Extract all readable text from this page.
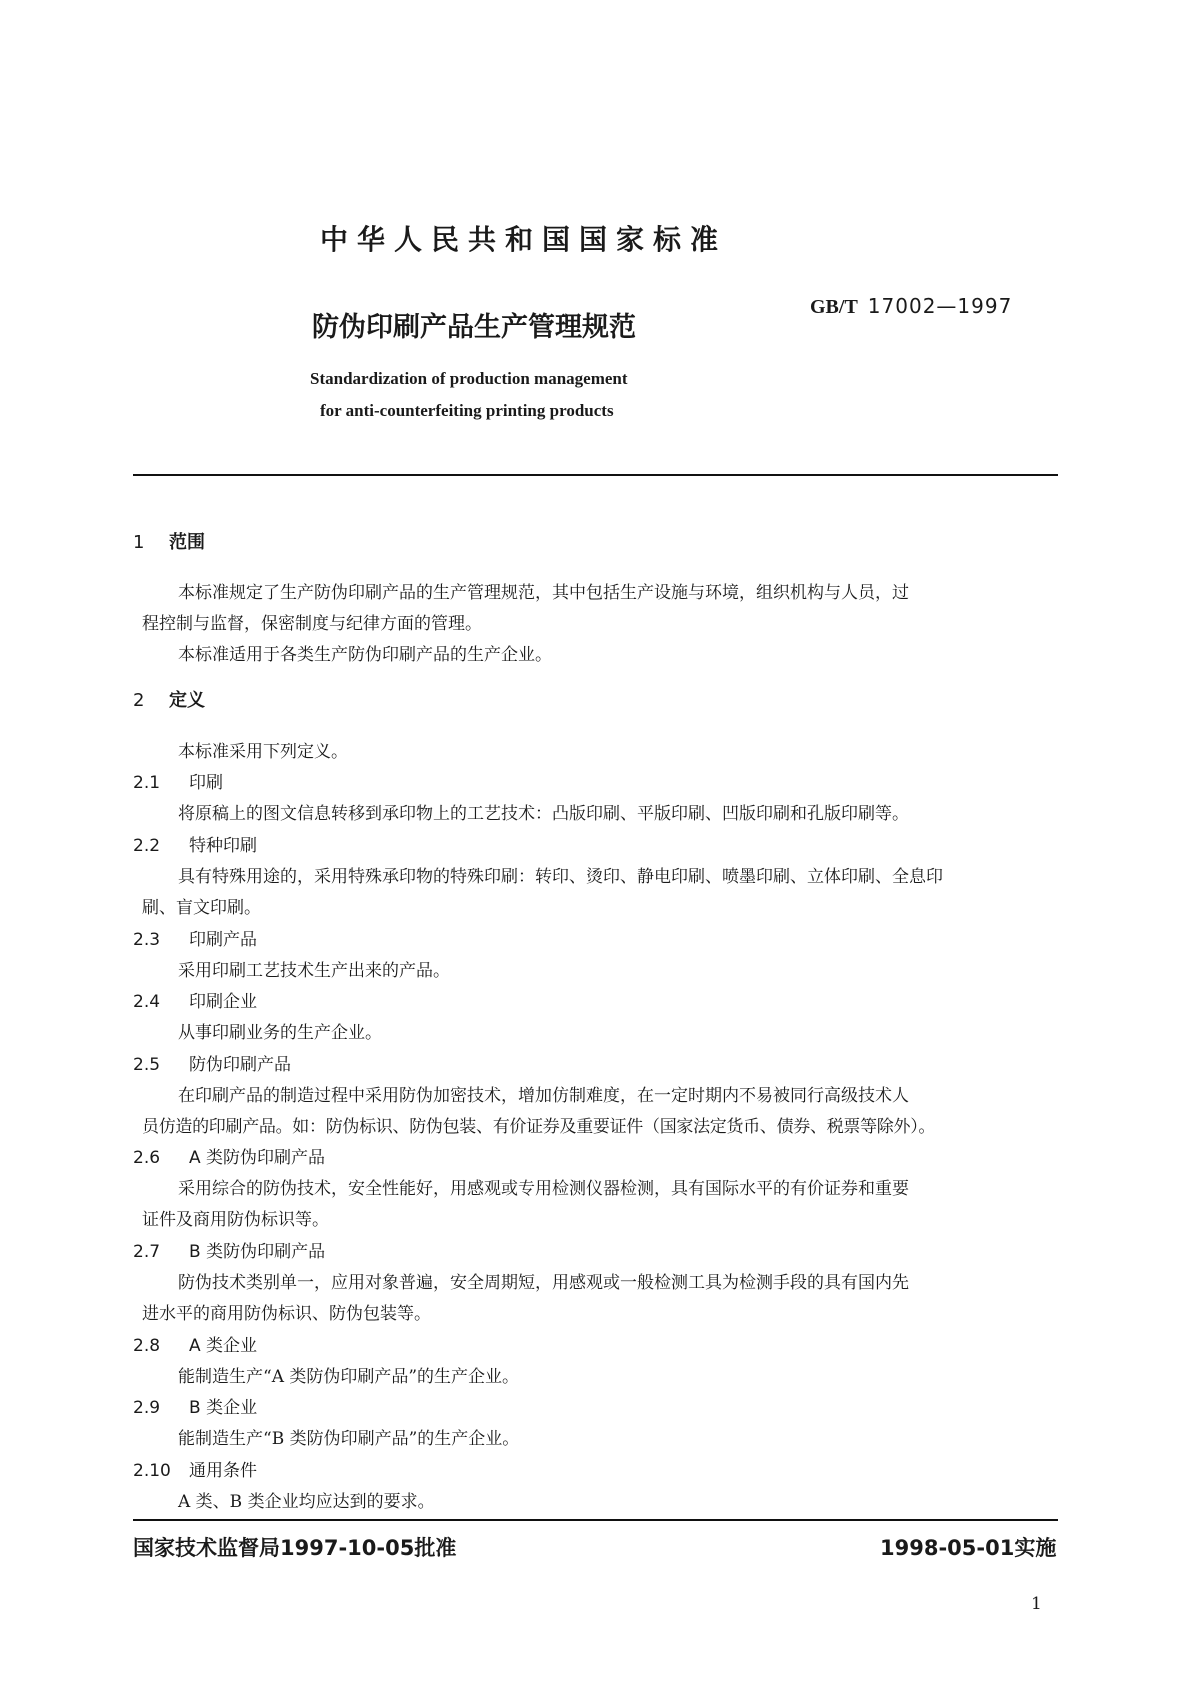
中华人民共和国国家标准
防伪印刷产品生产管理规范
GB/T 17002—1997
Standardization of production management
for anti-counterfeiting printing products
1 范围
本标准规定了生产防伪印刷产品的生产管理规范，其中包括生产设施与环境，组织机构与人员，过
程控制与监督，保密制度与纪律方面的管理。
本标准适用于各类生产防伪印刷产品的生产企业。
2 定义
本标准采用下列定义。
2.1 印刷
将原稿上的图文信息转移到承印物上的工艺技术：凸版印刷、平版印刷、凹版印刷和孔版印刷等。
2.2 特种印刷
具有特殊用途的，采用特殊承印物的特殊印刷：转印、烫印、静电印刷、喷墨印刷、立体印刷、全息印
刷、盲文印刷。
2.3 印刷产品
采用印刷工艺技术生产出来的产品。
2.4 印刷企业
从事印刷业务的生产企业。
2.5 防伪印刷产品
在印刷产品的制造过程中采用防伪加密技术，增加仿制难度，在一定时期内不易被同行高级技术人
员仿造的印刷产品。如：防伪标识、防伪包装、有价证券及重要证件（国家法定货币、债券、税票等除外）。
2.6 A 类防伪印刷产品
采用综合的防伪技术，安全性能好，用感观或专用检测仪器检测，具有国际水平的有价证券和重要
证件及商用防伪标识等。
2.7 B 类防伪印刷产品
防伪技术类别单一，应用对象普遍，安全周期短，用感观或一般检测工具为检测手段的具有国内先
进水平的商用防伪标识、防伪包装等。
2.8 A 类企业
能制造生产“A 类防伪印刷产品”的生产企业。
2.9 B 类企业
能制造生产“B 类防伪印刷产品”的生产企业。
2.10 通用条件
A 类、B 类企业均应达到的要求。
国家技术监督局1997-10-05批准	1998-05-01实施
1
